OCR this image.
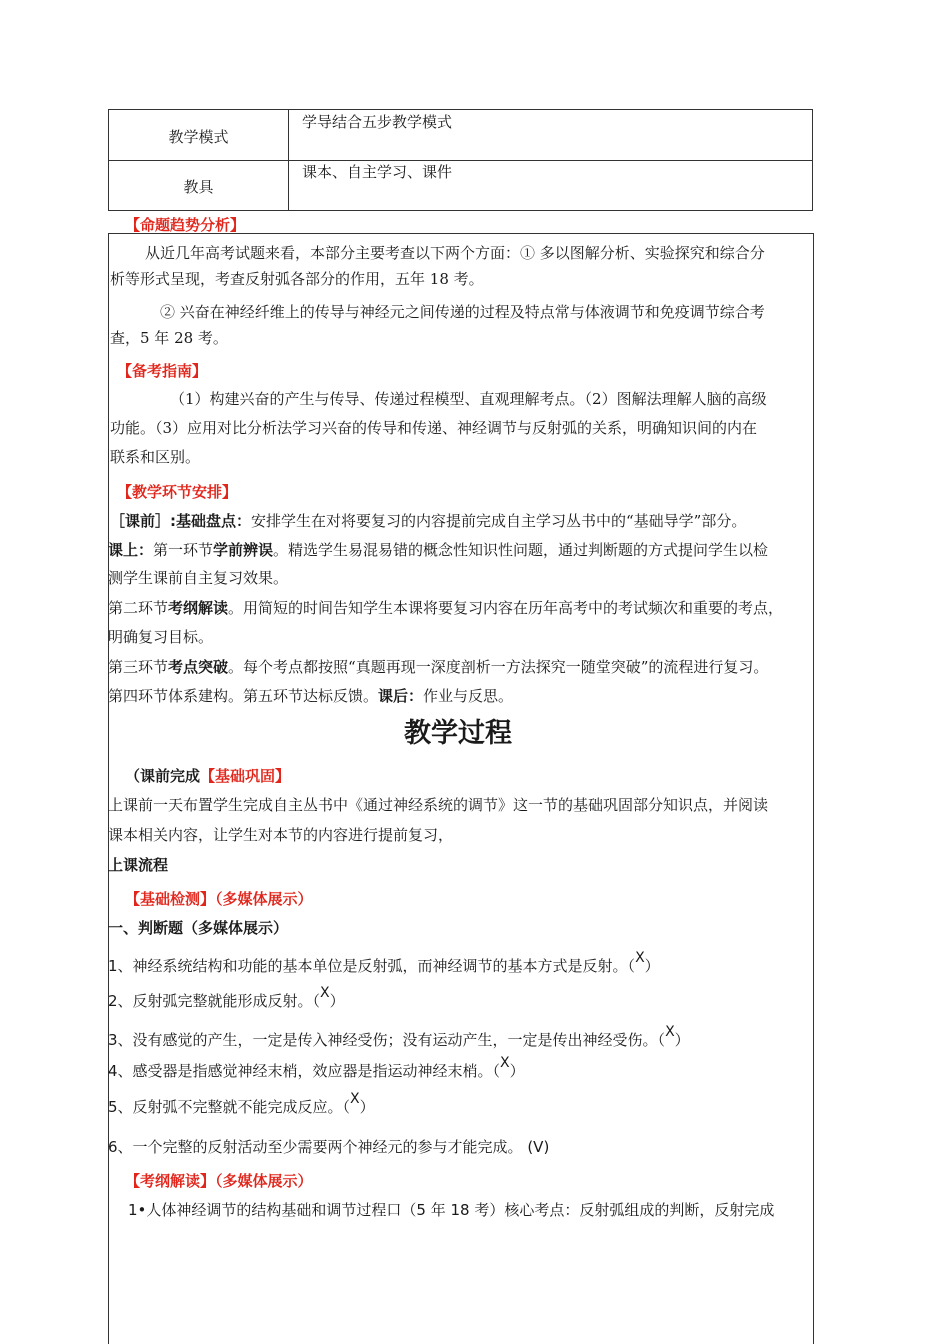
教学模式
学导结合五步教学模式
教具
课本、自主学习、课件
【命题趋势分析】
从近几年高考试题来看，本部分主要考查以下两个方面：① 多以图解分析、实验探究和综合分
析等形式呈现，考查反射弧各部分的作用，五年 18 考。
② 兴奋在神经纤维上的传导与神经元之间传递的过程及特点常与体液调节和免疫调节综合考
查，5 年 28 考。
【备考指南】
（1）构建兴奋的产生与传导、传递过程模型、直观理解考点。（2）图解法理解人脑的高级
功能。（3）应用对比分析法学习兴奋的传导和传递、神经调节与反射弧的关系，明确知识间的内在
联系和区别。
【教学环节安排】
［课前］:基础盘点：安排学生在对将要复习的内容提前完成自主学习丛书中的“基础导学”部分。
课上：第一环节学前辨误。精选学生易混易错的概念性知识性问题，通过判断题的方式提问学生以检
测学生课前自主复习效果。
第二环节考纲解读。用简短的时间告知学生本课将要复习内容在历年高考中的考试频次和重要的考点，
明确复习目标。
第三环节考点突破。每个考点都按照“真题再现一深度剖析一方法探究一随堂突破”的流程进行复习。
第四环节体系建构。第五环节达标反馈。课后：作业与反思。
教学过程
（课前完成【基础巩固】
上课前一天布置学生完成自主丛书中《通过神经系统的调节》这一节的基础巩固部分知识点，并阅读
课本相关内容，让学生对本节的内容进行提前复习，
上课流程
【基础检测】（多媒体展示）
一、判断题（多媒体展示）
1、神经系统结构和功能的基本单位是反射弧，而神经调节的基本方式是反射。（X）
2、反射弧完整就能形成反射。（X）
3、没有感觉的产生，一定是传入神经受伤；没有运动产生，一定是传出神经受伤。（X）
4、感受器是指感觉神经末梢，效应器是指运动神经末梢。（X）
5、反射弧不完整就不能完成反应。（X）
6、一个完整的反射活动至少需要两个神经元的参与才能完成。 (V)
【考纲解读】（多媒体展示）
1•人体神经调节的结构基础和调节过程口（5 年 18 考）核心考点：反射弧组成的判断，反射完成
